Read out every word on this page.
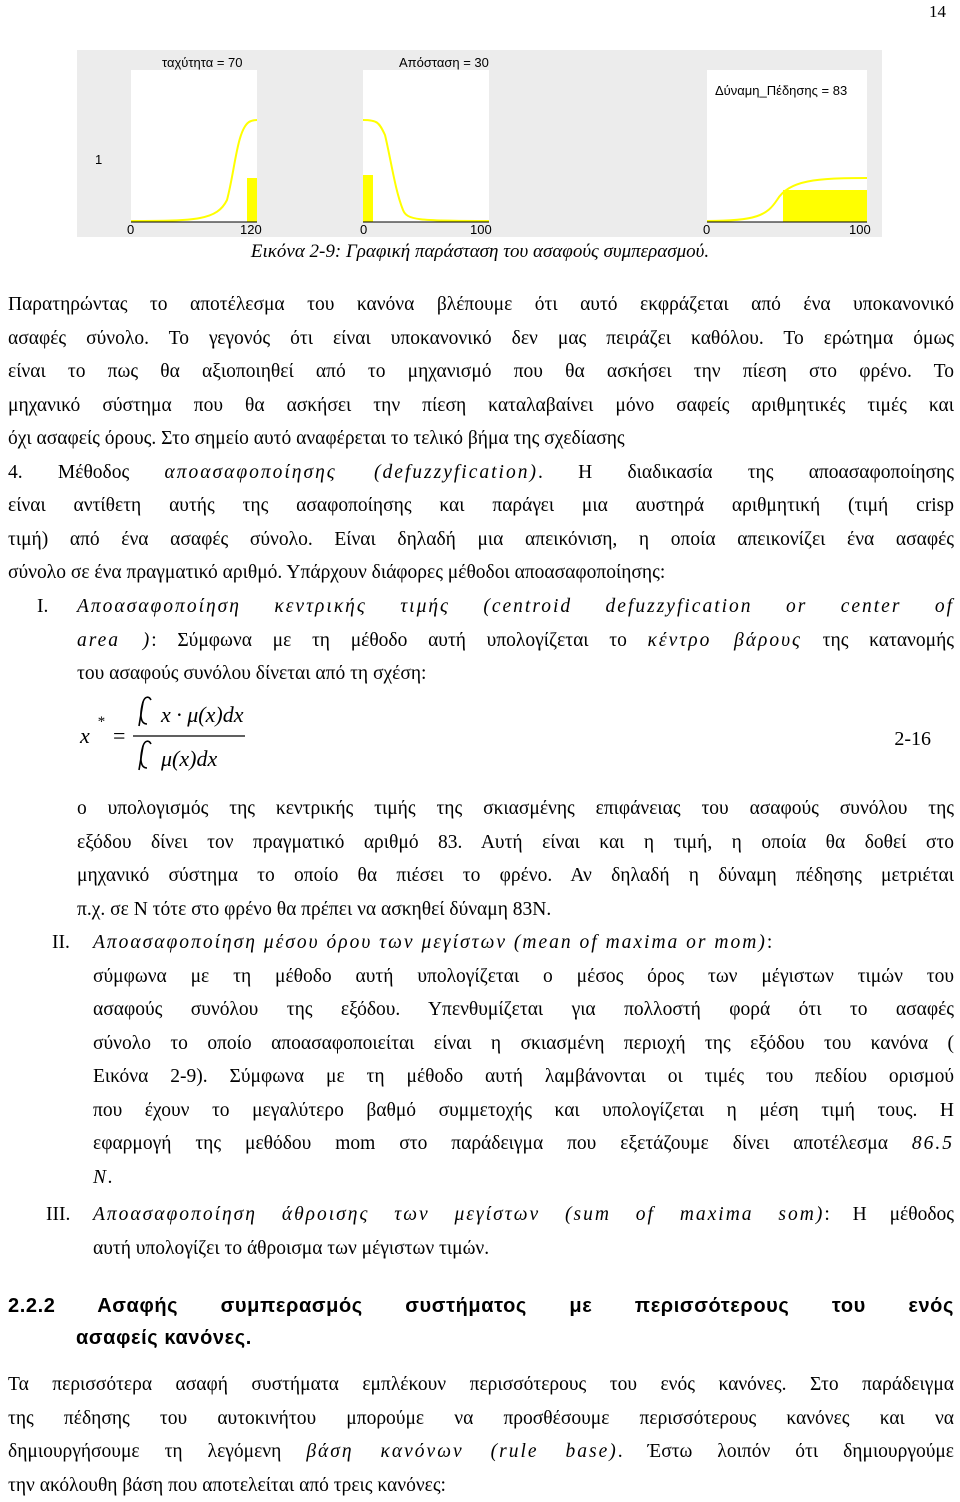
14
ταχύτητα = 70	Απόσταση = 30
Δύναμη_Πέδησης = 83
1
0	120	0	100	0	100
Εικόνα 2-9: Γραφική παράσταση του ασαφούς συμπερασμού.
Παρατηρώντας το αποτέλεσμα του κανόνα βλέπουμε ότι αυτό εκφράζεται από ένα υποκανονικό
ασαφές σύνολο. Το γεγονός ότι είναι υποκανονικό δεν μας πειράζει καθόλου. Το ερώτημα όμως
είναι το πως θα αξιοποιηθεί από το μηχανισμό που θα ασκήσει την πίεση στο φρένο. Το
μηχανικό σύστημα που θα ασκήσει την πίεση καταλαβαίνει μόνο σαφείς αριθμητικές τιμές και
όχι ασαφείς όρους. Στο σημείο αυτό αναφέρεται το τελικό βήμα της σχεδίασης
4. Μέθοδος αποασαφοποίησης (defuzzyfication). Η διαδικασία της αποασαφοποίησης
είναι αντίθετη αυτής της ασαφοποίησης και παράγει μια αυστηρά αριθμητική (τιμή crisp
τιμή) από ένα ασαφές σύνολο. Είναι δηλαδή μια απεικόνιση, η οποία απεικονίζει ένα ασαφές
σύνολο σε ένα πραγματικό αριθμό. Υπάρχουν διάφορες μέθοδοι αποασαφοποίησης:
I.	Αποασαφοποίηση κεντρικής τιμής (centroid defuzzyfication or center of
area ): Σύμφωνα με τη μέθοδο αυτή υπολογίζεται το κέντρο βάρους της κατανομής
του ασαφούς συνόλου δίνεται από τη σχέση:
x
*
=
x · μ(x)dx
μ(x)dx
2-16
ο υπολογισμός της κεντρικής τιμής της σκιασμένης επιφάνειας του ασαφούς συνόλου της
εξόδου δίνει τον πραγματικό αριθμό 83. Αυτή είναι και η τιμή, η οποία θα δοθεί στο
μηχανικό σύστημα το οποίο θα πιέσει το φρένο. Αν δηλαδή η δύναμη πέδησης μετριέται
π.χ. σε N τότε στο φρένο θα πρέπει να ασκηθεί δύναμη 83N.
II.	Αποασαφοποίηση μέσου όρου των μεγίστων (mean of maxima or mom):
σύμφωνα με τη μέθοδο αυτή υπολογίζεται ο μέσος όρος των μέγιστων τιμών του
ασαφούς συνόλου της εξόδου. Υπενθυμίζεται για πολλοστή φορά ότι το ασαφές
σύνολο το οποίο αποασαφοποιείται είναι η σκιασμένη περιοχή της εξόδου του κανόνα (
Εικόνα 2-9). Σύμφωνα με τη μέθοδο αυτή λαμβάνονται οι τιμές του πεδίου ορισμού
που έχουν το μεγαλύτερο βαθμό συμμετοχής και υπολογίζεται η μέση τιμή τους. Η
εφαρμογή της μεθόδου mom στο παράδειγμα που εξετάζουμε δίνει αποτέλεσμα 86.5
N.
III.	Αποασαφοποίηση άθροισης των μεγίστων (sum of maxima som): Η μέθοδος
αυτή υπολογίζει το άθροισμα των μέγιστων τιμών.
2.2.2 Ασαφής συμπερασμός συστήματος με περισσότερους του ενός
ασαφείς κανόνες.
Τα περισσότερα ασαφή συστήματα εμπλέκουν περισσότερους του ενός κανόνες. Στο παράδειγμα
της πέδησης του αυτοκινήτου μπορούμε να προσθέσουμε περισσότερους κανόνες και να
δημιουργήσουμε τη λεγόμενη βάση κανόνων (rule base). Έστω λοιπόν ότι δημιουργούμε
την ακόλουθη βάση που αποτελείται από τρεις κανόνες:
